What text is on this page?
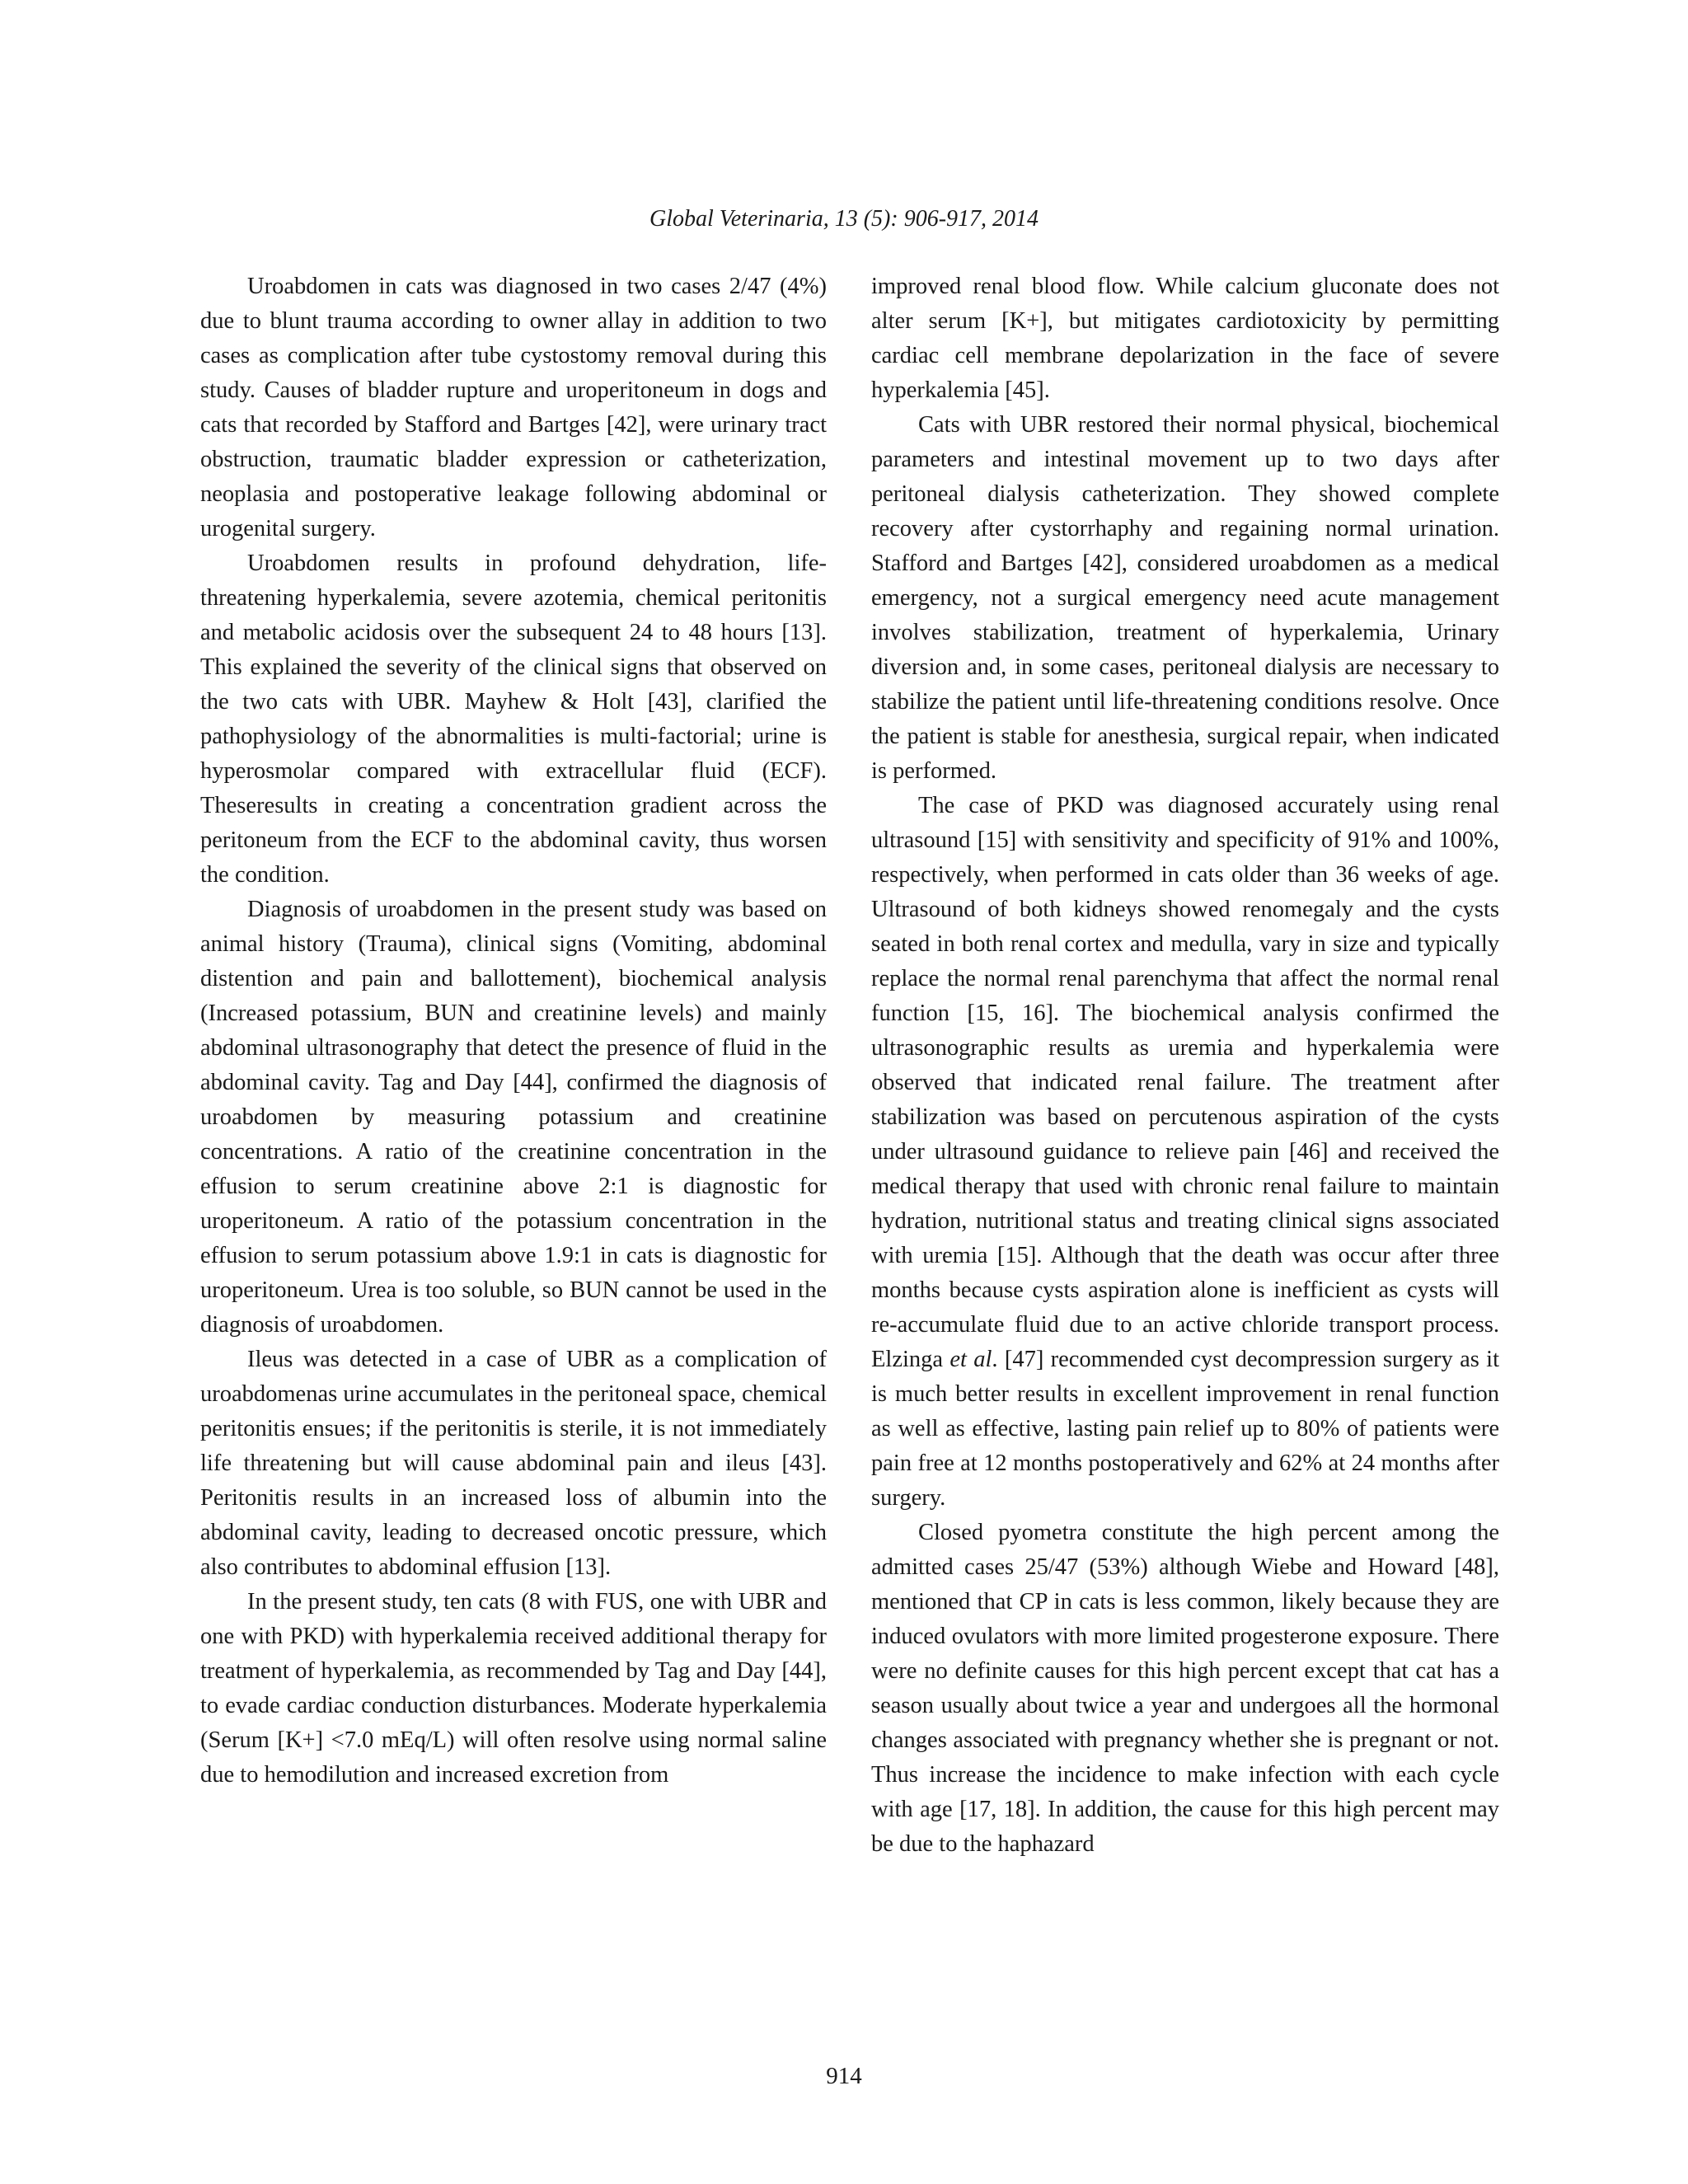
Global Veterinaria, 13 (5): 906-917, 2014

Uroabdomen in cats was diagnosed in two cases 2/47 (4%) due to blunt trauma according to owner allay in addition to two cases as complication after tube cystostomy removal during this study. Causes of bladder rupture and uroperitoneum in dogs and cats that recorded by Stafford and Bartges [42], were urinary tract obstruction, traumatic bladder expression or catheterization, neoplasia and postoperative leakage following abdominal or urogenital surgery.

Uroabdomen results in profound dehydration, life-threatening hyperkalemia, severe azotemia, chemical peritonitis and metabolic acidosis over the subsequent 24 to 48 hours [13]. This explained the severity of the clinical signs that observed on the two cats with UBR. Mayhew & Holt [43], clarified the pathophysiology of the abnormalities is multi-factorial; urine is hyperosmolar compared with extracellular fluid (ECF). Theseresults in creating a concentration gradient across the peritoneum from the ECF to the abdominal cavity, thus worsen the condition.

Diagnosis of uroabdomen in the present study was based on animal history (Trauma), clinical signs (Vomiting, abdominal distention and pain and ballottement), biochemical analysis (Increased potassium, BUN and creatinine levels) and mainly abdominal ultrasonography that detect the presence of fluid in the abdominal cavity. Tag and Day [44], confirmed the diagnosis of uroabdomen by measuring potassium and creatinine concentrations. A ratio of the creatinine concentration in the effusion to serum creatinine above 2:1 is diagnostic for uroperitoneum. A ratio of the potassium concentration in the effusion to serum potassium above 1.9:1 in cats is diagnostic for uroperitoneum. Urea is too soluble, so BUN cannot be used in the diagnosis of uroabdomen.

Ileus was detected in a case of UBR as a complication of uroabdomenas urine accumulates in the peritoneal space, chemical peritonitis ensues; if the peritonitis is sterile, it is not immediately life threatening but will cause abdominal pain and ileus [43]. Peritonitis results in an increased loss of albumin into the abdominal cavity, leading to decreased oncotic pressure, which also contributes to abdominal effusion [13].

In the present study, ten cats (8 with FUS, one with UBR and one with PKD) with hyperkalemia received additional therapy for treatment of hyperkalemia, as recommended by Tag and Day [44], to evade cardiac conduction disturbances. Moderate hyperkalemia (Serum [K+] <7.0 mEq/L) will often resolve using normal saline due to hemodilution and increased excretion from

improved renal blood flow. While calcium gluconate does not alter serum [K+], but mitigates cardiotoxicity by permitting cardiac cell membrane depolarization in the face of severe hyperkalemia [45].

Cats with UBR restored their normal physical, biochemical parameters and intestinal movement up to two days after peritoneal dialysis catheterization. They showed complete recovery after cystorrhaphy and regaining normal urination. Stafford and Bartges [42], considered uroabdomen as a medical emergency, not a surgical emergency need acute management involves stabilization, treatment of hyperkalemia, Urinary diversion and, in some cases, peritoneal dialysis are necessary to stabilize the patient until life-threatening conditions resolve. Once the patient is stable for anesthesia, surgical repair, when indicated is performed.

The case of PKD was diagnosed accurately using renal ultrasound [15] with sensitivity and specificity of 91% and 100%, respectively, when performed in cats older than 36 weeks of age. Ultrasound of both kidneys showed renomegaly and the cysts seated in both renal cortex and medulla, vary in size and typically replace the normal renal parenchyma that affect the normal renal function [15, 16]. The biochemical analysis confirmed the ultrasonographic results as uremia and hyperkalemia were observed that indicated renal failure. The treatment after stabilization was based on percutenous aspiration of the cysts under ultrasound guidance to relieve pain [46] and received the medical therapy that used with chronic renal failure to maintain hydration, nutritional status and treating clinical signs associated with uremia [15]. Although that the death was occur after three months because cysts aspiration alone is inefficient as cysts will re-accumulate fluid due to an active chloride transport process. Elzinga et al. [47] recommended cyst decompression surgery as it is much better results in excellent improvement in renal function as well as effective, lasting pain relief up to 80% of patients were pain free at 12 months postoperatively and 62% at 24 months after surgery.

Closed pyometra constitute the high percent among the admitted cases 25/47 (53%) although Wiebe and Howard [48], mentioned that CP in cats is less common, likely because they are induced ovulators with more limited progesterone exposure. There were no definite causes for this high percent except that cat has a season usually about twice a year and undergoes all the hormonal changes associated with pregnancy whether she is pregnant or not. Thus increase the incidence to make infection with each cycle with age [17, 18]. In addition, the cause for this high percent may be due to the haphazard

914
